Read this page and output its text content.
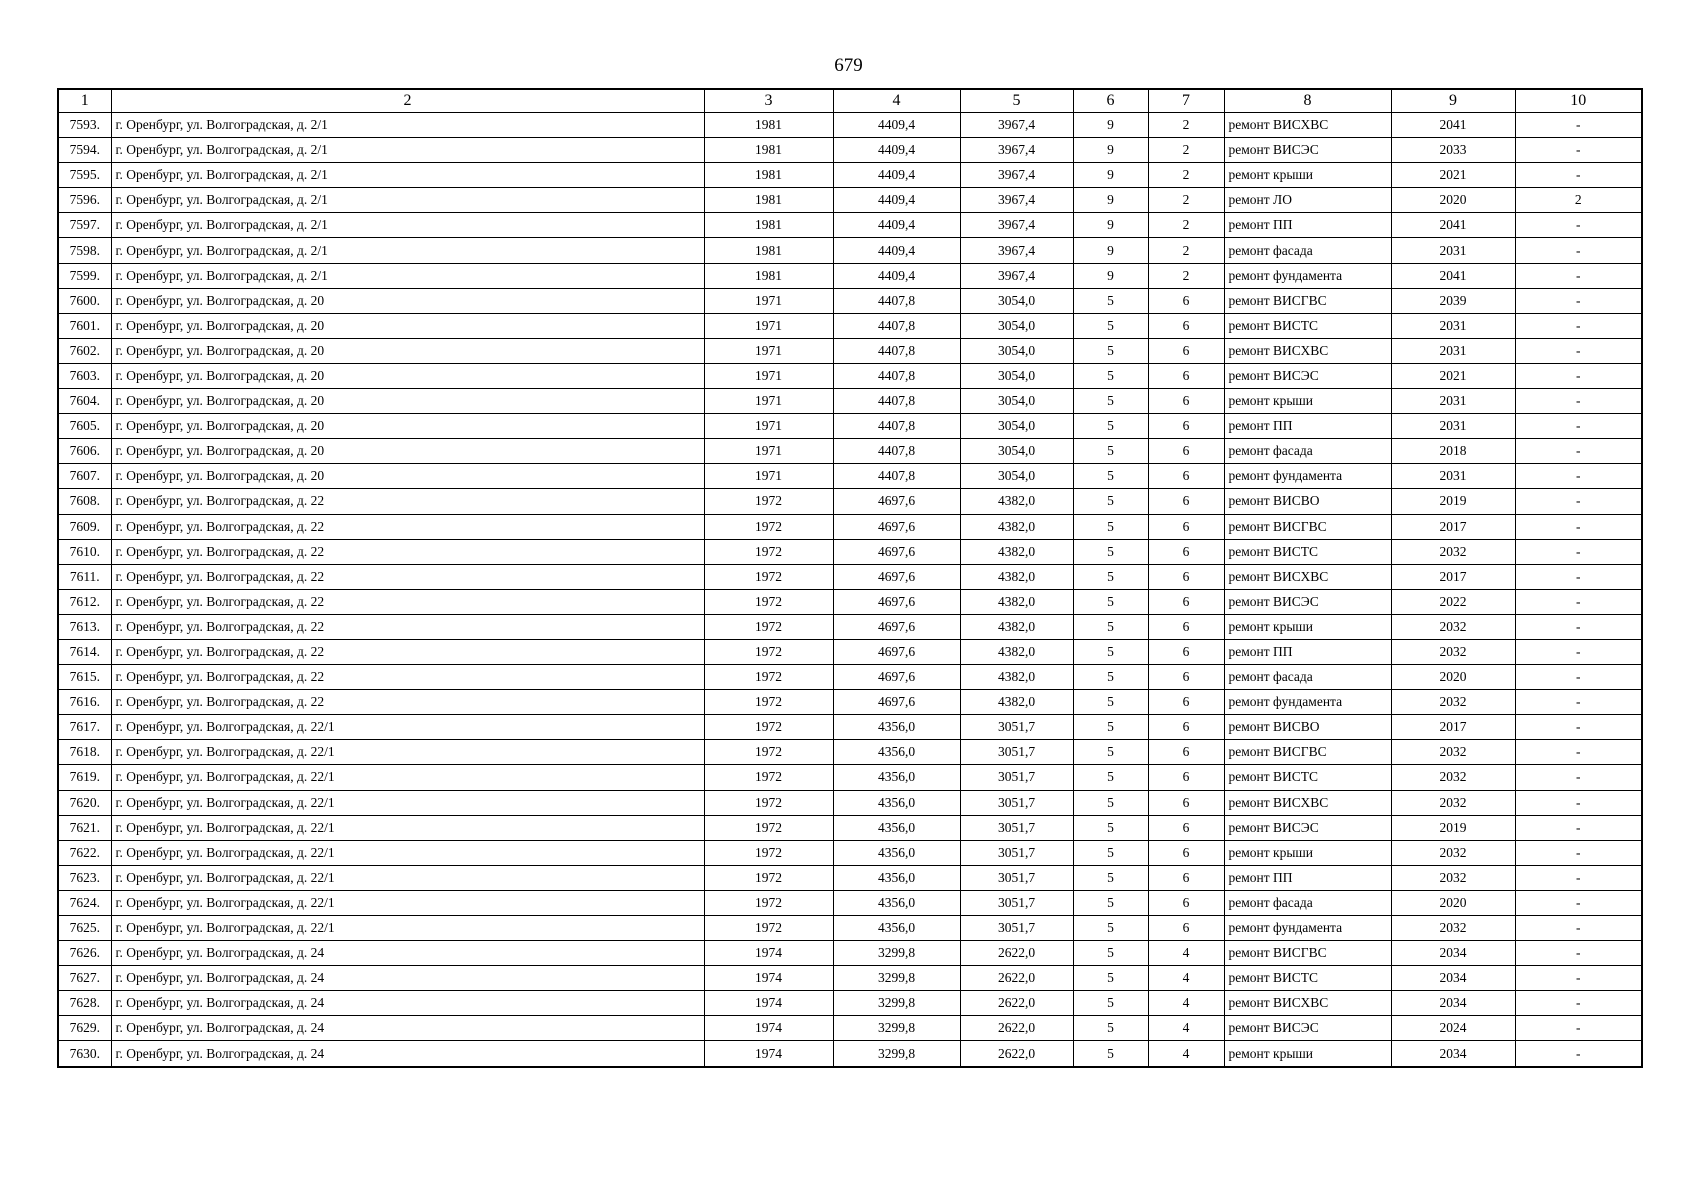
679
1	2	3	4	5	6	7	8	9	10
7593.	г. Оренбург, ул. Волгоградская, д. 2/1	1981	4409,4	3967,4	9	2	ремонт ВИСХВС	2041	-
7594.	г. Оренбург, ул. Волгоградская, д. 2/1	1981	4409,4	3967,4	9	2	ремонт ВИСЭС	2033	-
7595.	г. Оренбург, ул. Волгоградская, д. 2/1	1981	4409,4	3967,4	9	2	ремонт крыши	2021	-
7596.	г. Оренбург, ул. Волгоградская, д. 2/1	1981	4409,4	3967,4	9	2	ремонт ЛО	2020	2
7597.	г. Оренбург, ул. Волгоградская, д. 2/1	1981	4409,4	3967,4	9	2	ремонт ПП	2041	-
7598.	г. Оренбург, ул. Волгоградская, д. 2/1	1981	4409,4	3967,4	9	2	ремонт фасада	2031	-
7599.	г. Оренбург, ул. Волгоградская, д. 2/1	1981	4409,4	3967,4	9	2	ремонт фундамента	2041	-
7600.	г. Оренбург, ул. Волгоградская, д. 20	1971	4407,8	3054,0	5	6	ремонт ВИСГВС	2039	-
7601.	г. Оренбург, ул. Волгоградская, д. 20	1971	4407,8	3054,0	5	6	ремонт ВИСТС	2031	-
7602.	г. Оренбург, ул. Волгоградская, д. 20	1971	4407,8	3054,0	5	6	ремонт ВИСХВС	2031	-
7603.	г. Оренбург, ул. Волгоградская, д. 20	1971	4407,8	3054,0	5	6	ремонт ВИСЭС	2021	-
7604.	г. Оренбург, ул. Волгоградская, д. 20	1971	4407,8	3054,0	5	6	ремонт крыши	2031	-
7605.	г. Оренбург, ул. Волгоградская, д. 20	1971	4407,8	3054,0	5	6	ремонт ПП	2031	-
7606.	г. Оренбург, ул. Волгоградская, д. 20	1971	4407,8	3054,0	5	6	ремонт фасада	2018	-
7607.	г. Оренбург, ул. Волгоградская, д. 20	1971	4407,8	3054,0	5	6	ремонт фундамента	2031	-
7608.	г. Оренбург, ул. Волгоградская, д. 22	1972	4697,6	4382,0	5	6	ремонт ВИСВО	2019	-
7609.	г. Оренбург, ул. Волгоградская, д. 22	1972	4697,6	4382,0	5	6	ремонт ВИСГВС	2017	-
7610.	г. Оренбург, ул. Волгоградская, д. 22	1972	4697,6	4382,0	5	6	ремонт ВИСТС	2032	-
7611.	г. Оренбург, ул. Волгоградская, д. 22	1972	4697,6	4382,0	5	6	ремонт ВИСХВС	2017	-
7612.	г. Оренбург, ул. Волгоградская, д. 22	1972	4697,6	4382,0	5	6	ремонт ВИСЭС	2022	-
7613.	г. Оренбург, ул. Волгоградская, д. 22	1972	4697,6	4382,0	5	6	ремонт крыши	2032	-
7614.	г. Оренбург, ул. Волгоградская, д. 22	1972	4697,6	4382,0	5	6	ремонт ПП	2032	-
7615.	г. Оренбург, ул. Волгоградская, д. 22	1972	4697,6	4382,0	5	6	ремонт фасада	2020	-
7616.	г. Оренбург, ул. Волгоградская, д. 22	1972	4697,6	4382,0	5	6	ремонт фундамента	2032	-
7617.	г. Оренбург, ул. Волгоградская, д. 22/1	1972	4356,0	3051,7	5	6	ремонт ВИСВО	2017	-
7618.	г. Оренбург, ул. Волгоградская, д. 22/1	1972	4356,0	3051,7	5	6	ремонт ВИСГВС	2032	-
7619.	г. Оренбург, ул. Волгоградская, д. 22/1	1972	4356,0	3051,7	5	6	ремонт ВИСТС	2032	-
7620.	г. Оренбург, ул. Волгоградская, д. 22/1	1972	4356,0	3051,7	5	6	ремонт ВИСХВС	2032	-
7621.	г. Оренбург, ул. Волгоградская, д. 22/1	1972	4356,0	3051,7	5	6	ремонт ВИСЭС	2019	-
7622.	г. Оренбург, ул. Волгоградская, д. 22/1	1972	4356,0	3051,7	5	6	ремонт крыши	2032	-
7623.	г. Оренбург, ул. Волгоградская, д. 22/1	1972	4356,0	3051,7	5	6	ремонт ПП	2032	-
7624.	г. Оренбург, ул. Волгоградская, д. 22/1	1972	4356,0	3051,7	5	6	ремонт фасада	2020	-
7625.	г. Оренбург, ул. Волгоградская, д. 22/1	1972	4356,0	3051,7	5	6	ремонт фундамента	2032	-
7626.	г. Оренбург, ул. Волгоградская, д. 24	1974	3299,8	2622,0	5	4	ремонт ВИСГВС	2034	-
7627.	г. Оренбург, ул. Волгоградская, д. 24	1974	3299,8	2622,0	5	4	ремонт ВИСТС	2034	-
7628.	г. Оренбург, ул. Волгоградская, д. 24	1974	3299,8	2622,0	5	4	ремонт ВИСХВС	2034	-
7629.	г. Оренбург, ул. Волгоградская, д. 24	1974	3299,8	2622,0	5	4	ремонт ВИСЭС	2024	-
7630.	г. Оренбург, ул. Волгоградская, д. 24	1974	3299,8	2622,0	5	4	ремонт крыши	2034	-
